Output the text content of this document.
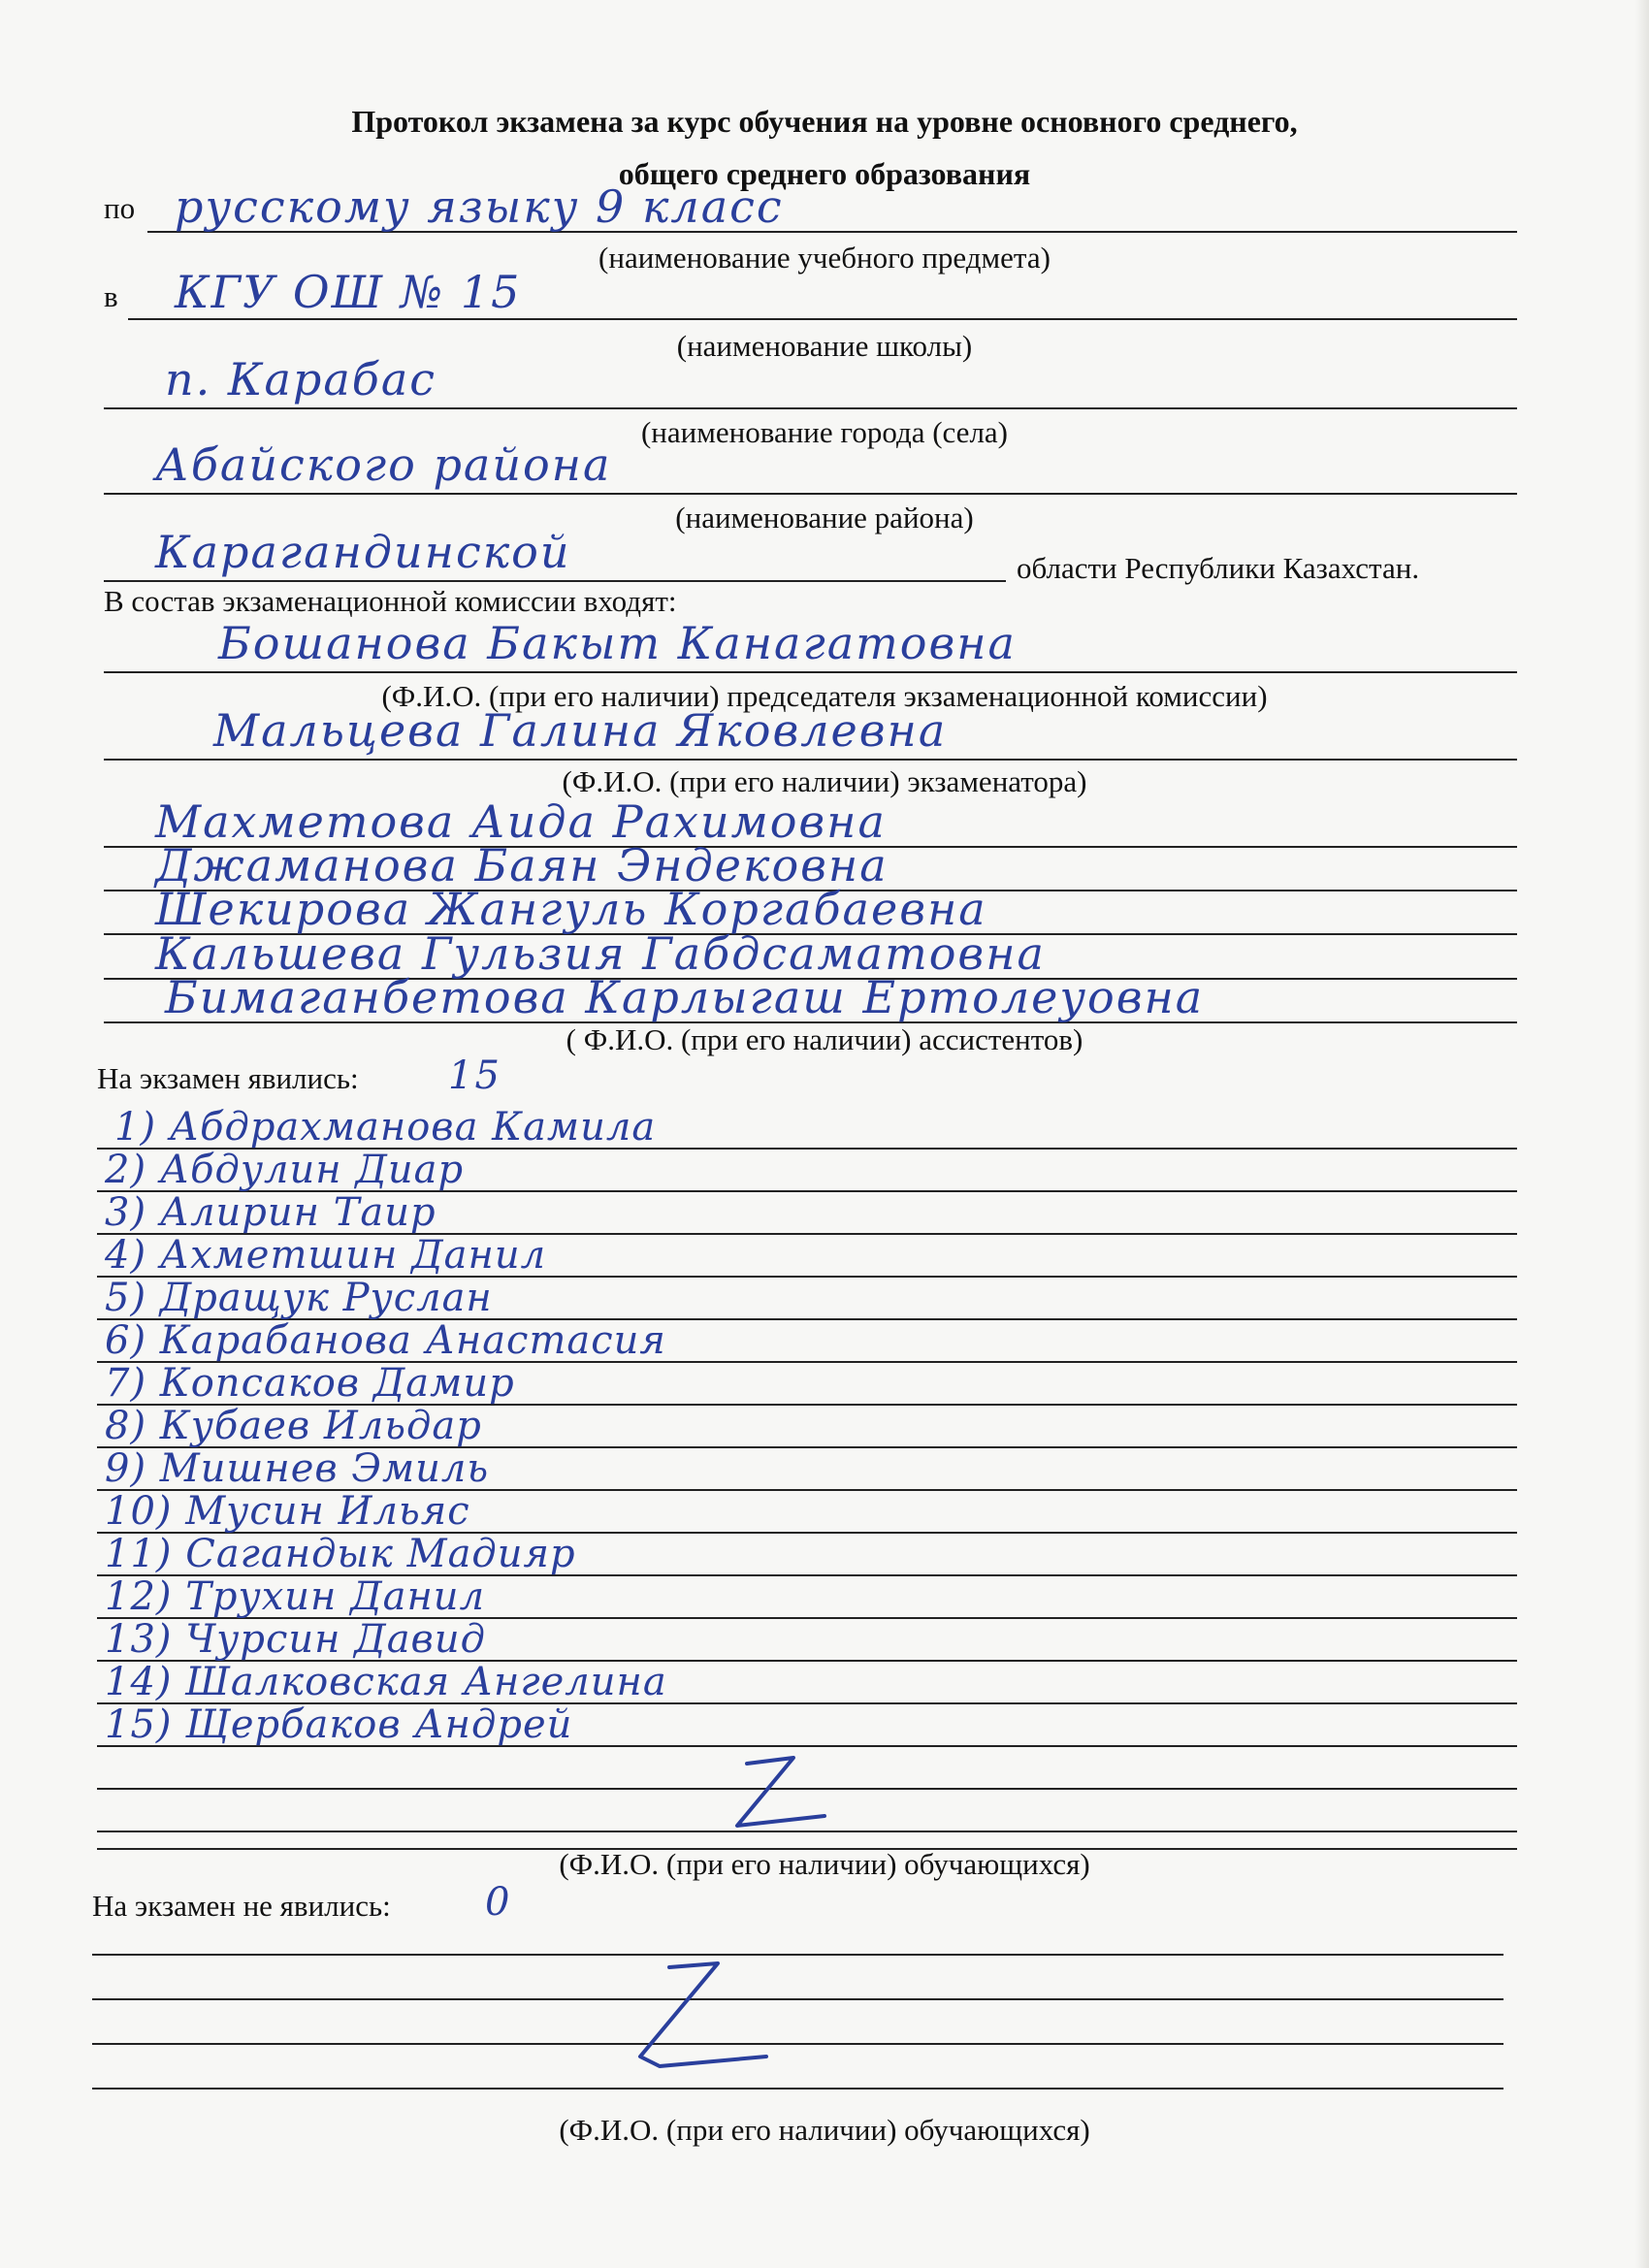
Протокол экзамена за курс обучения на уровне основного среднего,
общего среднего образования
по русскому языку 9 класс
(наименование учебного предмета)
в КГУ ОШ № 15
(наименование школы)
п. Карабас
(наименование города (села)
Абайского района
(наименование района)
Карагандинской	области Республики Казахстан.
В состав экзаменационной комиссии входят:
Бошанова Бакыт Канагатовна
(Ф.И.О. (при его наличии) председателя экзаменационной комиссии)
Мальцева Галина Яковлевна
(Ф.И.О. (при его наличии) экзаменатора)
Махметова Аида Рахимовна
Джаманова Баян Эндековна
Шекирова Жангуль Коргабаевна
Кальшева Гульзия Габдсаматовна
Бимаганбетова Карлыгаш Ертолеуовна
( Ф.И.О. (при его наличии) ассистентов)
На экзамен явились: 15
1) Абдрахманова Камила
2) Абдулин Диар
3) Алирин Таир
4) Ахметшин Данил
5) Дращук Руслан
6) Карабанова Анастасия
7) Копсаков Дамир
8) Кубаев Ильдар
9) Мишнев Эмиль
10) Мусин Ильяс
11) Сагандык Мадияр
12) Трухин Данил
13) Чурсин Давид
14) Шалковская Ангелина
15) Щербаков Андрей
(Ф.И.О. (при его наличии) обучающихся)
На экзамен не явились: 0
(Ф.И.О. (при его наличии) обучающихся)
